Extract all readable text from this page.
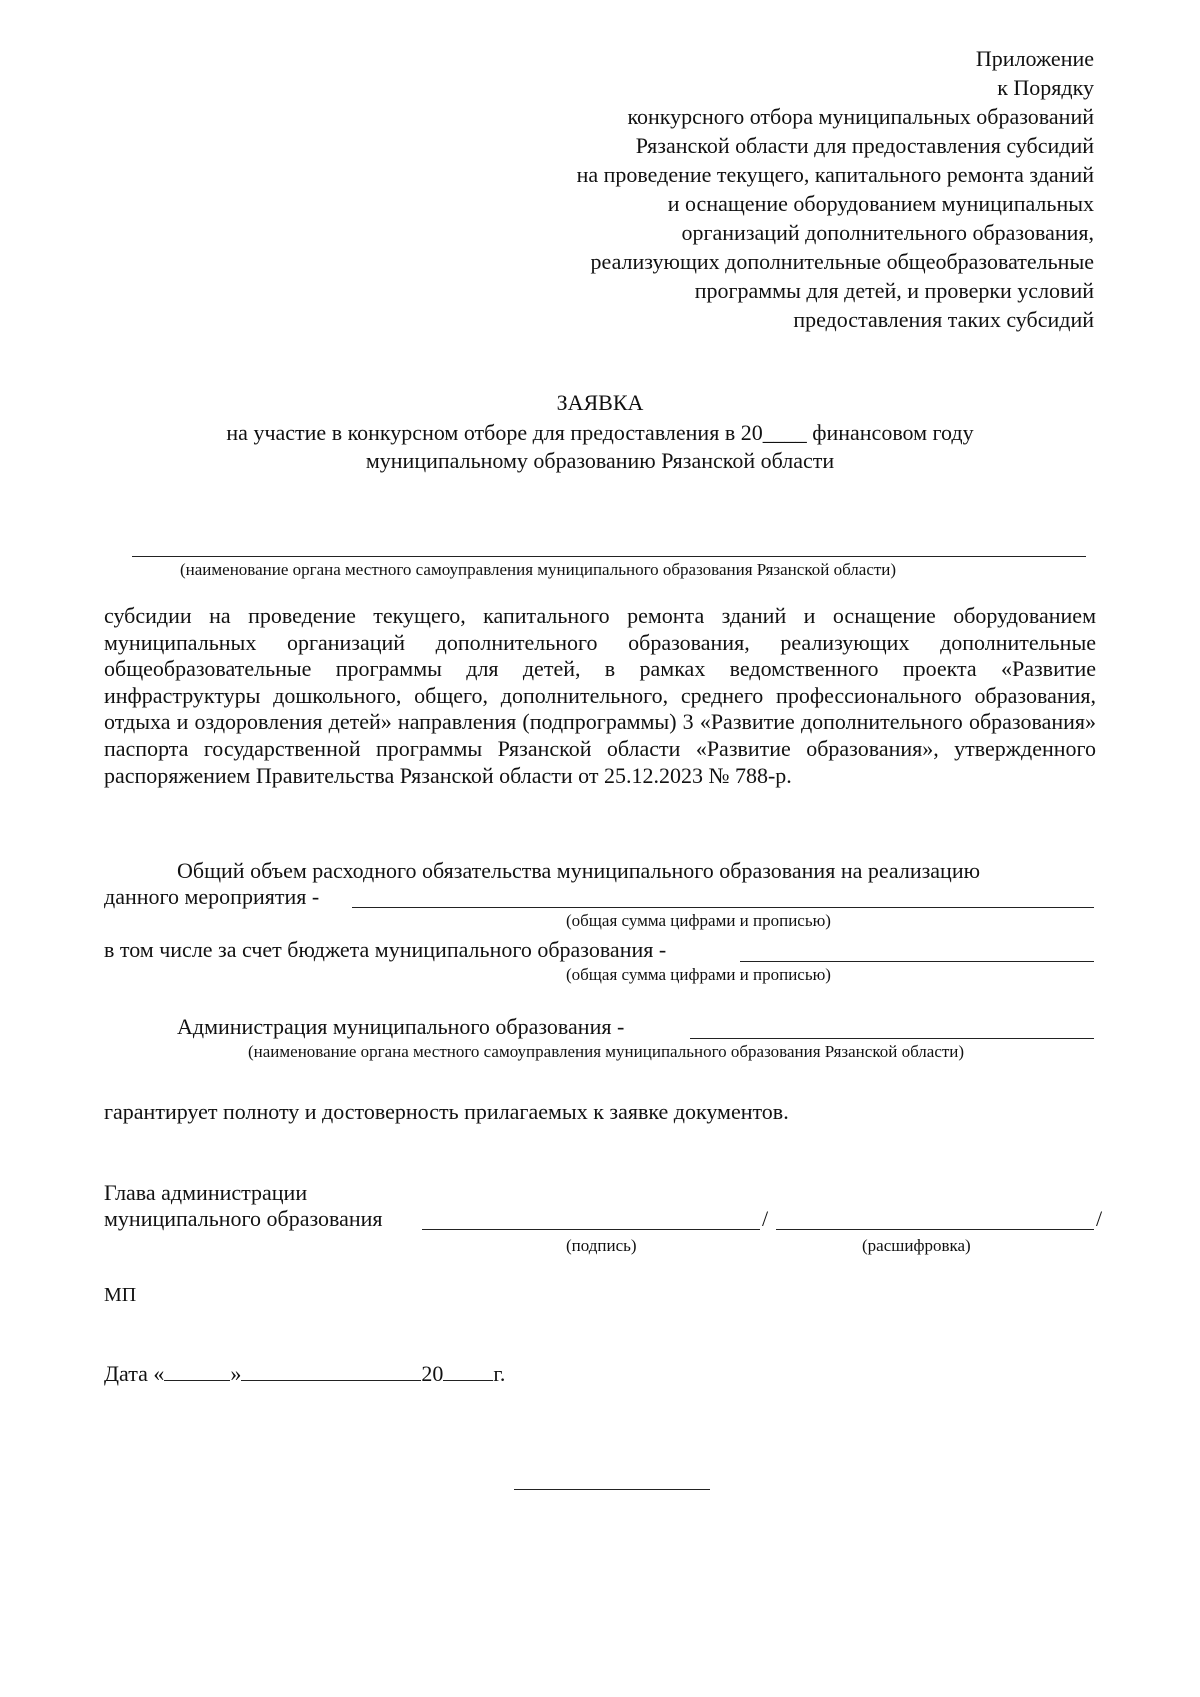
Приложение
к Порядку
конкурсного отбора муниципальных образований
Рязанской области для предоставления субсидий
на проведение текущего, капитального ремонта зданий
и оснащение оборудованием муниципальных
организаций дополнительного образования,
реализующих дополнительные общеобразовательные
программы для детей, и проверки условий
предоставления таких субсидий
ЗАЯВКА
на участие в конкурсном отборе для предоставления в 20____ финансовом году
муниципальному образованию Рязанской области
(наименование органа местного самоуправления муниципального образования Рязанской области)
субсидии на проведение текущего, капитального ремонта зданий и оснащение оборудованием муниципальных организаций дополнительного образования, реализующих дополнительные общеобразовательные программы для детей, в рамках ведомственного проекта «Развитие инфраструктуры дошкольного, общего, дополнительного, среднего профессионального образования, отдыха и оздоровления детей» направления (подпрограммы) 3 «Развитие дополнительного образования» паспорта государственной программы Рязанской области «Развитие образования», утвержденного распоряжением Правительства Рязанской области от 25.12.2023 № 788-р.
Общий объем расходного обязательства муниципального образования на реализацию
данного мероприятия -
(общая сумма цифрами и прописью)
в том числе за счет бюджета муниципального образования -
(общая сумма цифрами и прописью)
Администрация муниципального образования -
(наименование органа местного самоуправления муниципального образования Рязанской области)
гарантирует полноту и достоверность прилагаемых к заявке документов.
Глава администрации
муниципального образования	/	/
(подпись)	(расшифровка)
МП
Дата «	»	20 г.
